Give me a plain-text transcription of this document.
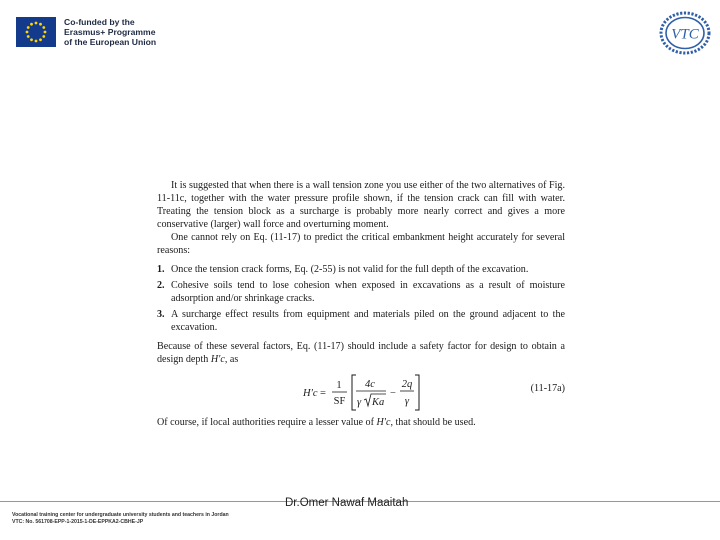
Co-funded by the
Erasmus+ Programme
of the European Union	VTC

It is suggested that when there is a wall tension zone you use either of the two alternatives of Fig. 11-11c, together with the water pressure profile shown, if the tension crack can fill with water. Treating the tension block as a surcharge is probably more nearly correct and gives a more conservative (larger) wall force and overturning moment.

One cannot rely on Eq. (11-17) to predict the critical embankment height accurately for several reasons:

1. Once the tension crack forms, Eq. (2-55) is not valid for the full depth of the excavation.
2. Cohesive soils tend to lose cohesion when exposed in excavations as a result of moisture adsorption and/or shrinkage cracks.
3. A surcharge effect results from equipment and materials piled on the ground adjacent to the excavation.

Because of these several factors, Eq. (11-17) should include a safety factor for design to obtain a design depth H′c, as

H′c =
1
SF
4c
γ Ka
−
2q
γ
(11-17a)

Of course, if local authorities require a lesser value of H′c, that should be used.

Dr.Omer Nawaf Maaitah
Vocational training center for undergraduate university students and teachers in Jordan
VTC: No. 561708-EPP-1-2015-1-DE-EPPKA2-CBHE-JP
